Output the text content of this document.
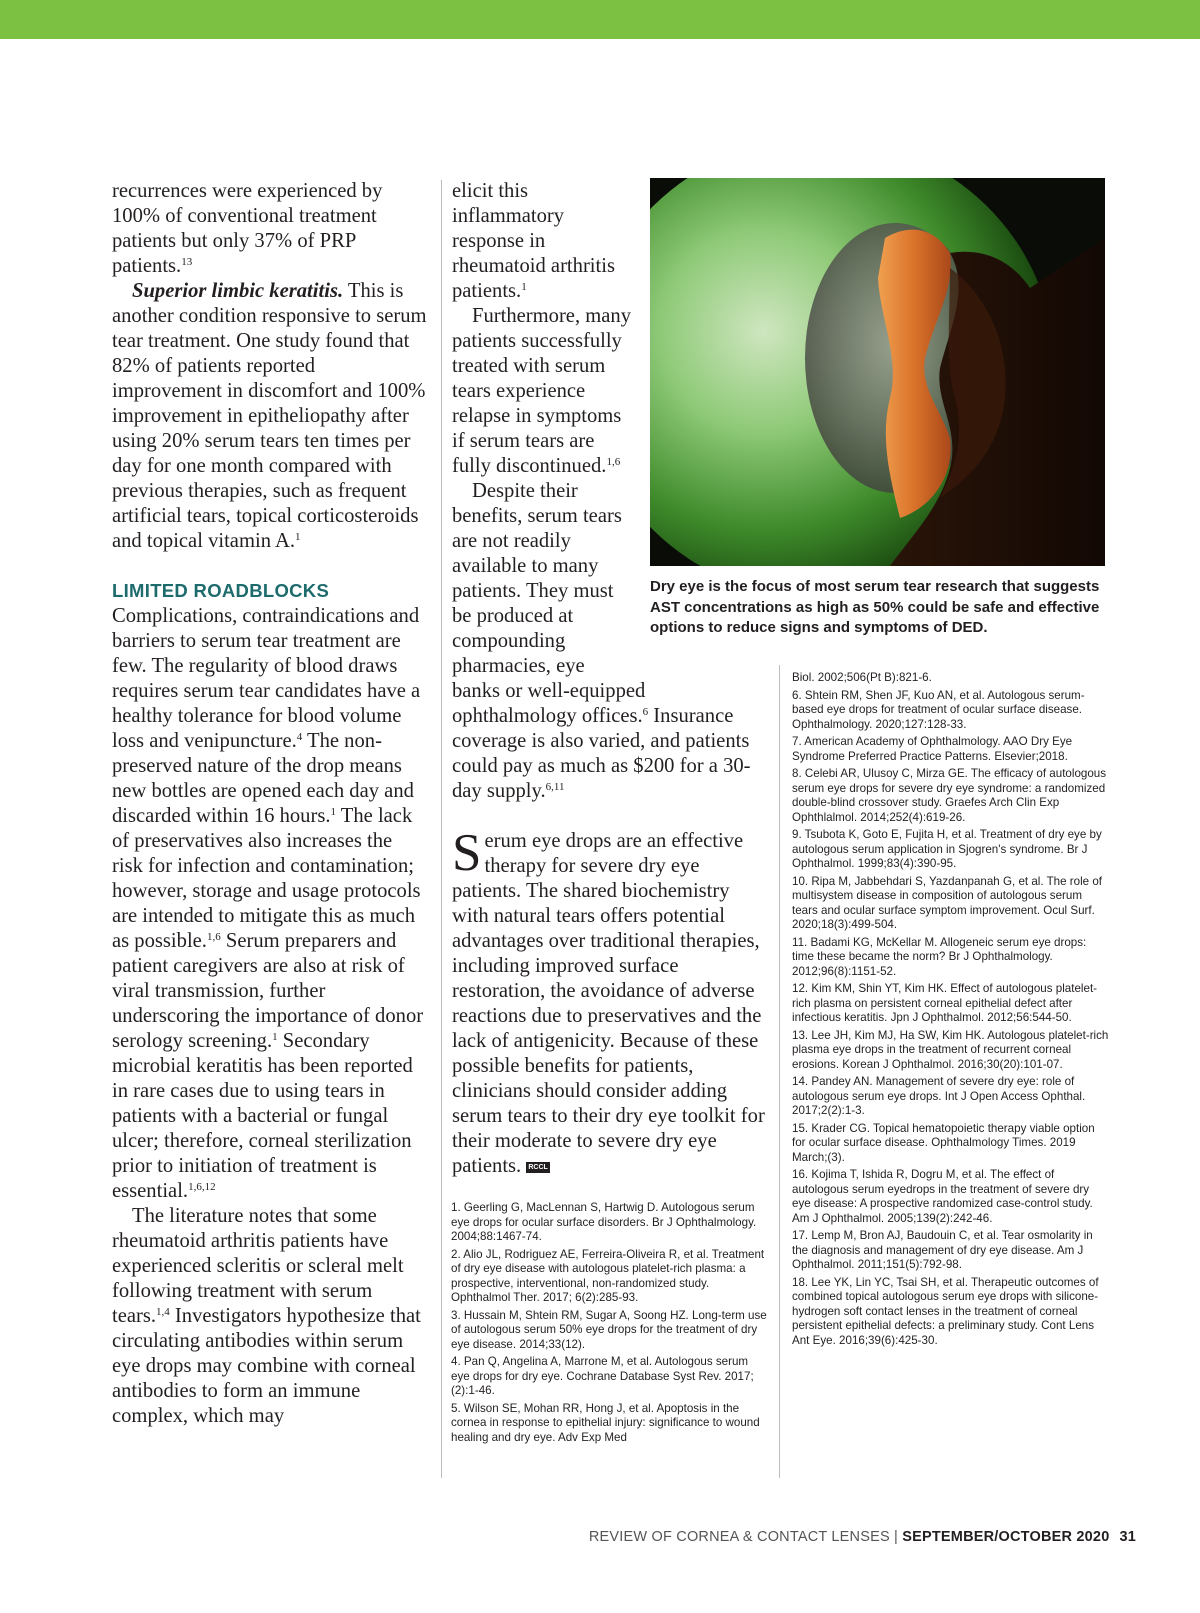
recurrences were experienced by 100% of conventional treatment patients but only 37% of PRP patients.$^{13}$

Superior limbic keratitis. This is another condition responsive to serum tear treatment. One study found that 82% of patients reported improvement in discomfort and 100% improvement in epitheliopathy after using 20% serum tears ten times per day for one month compared with previous therapies, such as frequent artificial tears, topical corticosteroids and topical vitamin A.$^1$

LIMITED ROADBLOCKS

Complications, contraindications and barriers to serum tear treatment are few. The regularity of blood draws requires serum tear candidates have a healthy tolerance for blood volume loss and venipuncture.$^4$ The non-preserved nature of the drop means new bottles are opened each day and discarded within 16 hours.$^1$ The lack of preservatives also increases the risk for infection and contamination; however, storage and usage protocols are intended to mitigate this as much as possible.$^{1,6}$ Serum preparers and patient caregivers are also at risk of viral transmission, further underscoring the importance of donor serology screening.$^1$ Secondary microbial keratitis has been reported in rare cases due to using tears in patients with a bacterial or fungal ulcer; therefore, corneal sterilization prior to initiation of treatment is essential.$^{1,6,12}$

The literature notes that some rheumatoid arthritis patients have experienced scleritis or scleral melt following treatment with serum tears.$^{1,4}$ Investigators hypothesize that circulating antibodies within serum eye drops may combine with corneal antibodies to form an immune complex, which may

elicit this inflammatory response in rheumatoid arthritis patients.$^1$

Furthermore, many patients successfully treated with serum tears experience relapse in symptoms if serum tears are fully discontinued.$^{1,6}$

Despite their benefits, serum tears are not readily available to many patients. They must be produced at compounding pharmacies, eye

banks or well-equipped ophthalmology offices.$^6$ Insurance coverage is also varied, and patients could pay as much as $200 for a 30-day supply.$^{6,11}$

Serum eye drops are an effective therapy for severe dry eye patients. The shared biochemistry with natural tears offers potential advantages over traditional therapies, including improved surface restoration, the avoidance of adverse reactions due to preservatives and the lack of antigenicity. Because of these possible benefits for patients, clinicians should consider adding serum tears to their dry eye toolkit for their moderate to severe dry eye patients. RCCL

Dry eye is the focus of most serum tear research that suggests AST concentrations as high as 50% could be safe and effective options to reduce signs and symptoms of DED.

1. Geerling G, MacLennan S, Hartwig D. Autologous serum eye drops for ocular surface disorders. Br J Ophthalmology. 2004;88:1467-74.

2. Alio JL, Rodriguez AE, Ferreira-Oliveira R, et al. Treatment of dry eye disease with autologous platelet-rich plasma: a prospective, interventional, non-randomized study. Ophthalmol Ther. 2017; 6(2):285-93.

3. Hussain M, Shtein RM, Sugar A, Soong HZ. Long-term use of autologous serum 50% eye drops for the treatment of dry eye disease. 2014;33(12).

4. Pan Q, Angelina A, Marrone M, et al. Autologous serum eye drops for dry eye. Cochrane Database Syst Rev. 2017;(2):1-46.

5. Wilson SE, Mohan RR, Hong J, et al. Apoptosis in the cornea in response to epithelial injury: significance to wound healing and dry eye. Adv Exp Med

Biol. 2002;506(Pt B):821-6.

6. Shtein RM, Shen JF, Kuo AN, et al. Autologous serum-based eye drops for treatment of ocular surface disease. Ophthalmology. 2020;127:128-33.

7. American Academy of Ophthalmology. AAO Dry Eye Syndrome Preferred Practice Patterns. Elsevier;2018.

8. Celebi AR, Ulusoy C, Mirza GE. The efficacy of autologous serum eye drops for severe dry eye syndrome: a randomized double-blind crossover study. Graefes Arch Clin Exp Ophthlalmol. 2014;252(4):619-26.

9. Tsubota K, Goto E, Fujita H, et al. Treatment of dry eye by autologous serum application in Sjogren's syndrome. Br J Ophthalmol. 1999;83(4):390-95.

10. Ripa M, Jabbehdari S, Yazdanpanah G, et al. The role of multisystem disease in composition of autologous serum tears and ocular surface symptom improvement. Ocul Surf. 2020;18(3):499-504.

11. Badami KG, McKellar M. Allogeneic serum eye drops: time these became the norm? Br J Ophthalmology. 2012;96(8):1151-52.

12. Kim KM, Shin YT, Kim HK. Effect of autologous platelet-rich plasma on persistent corneal epithelial defect after infectious keratitis. Jpn J Ophthalmol. 2012;56:544-50.

13. Lee JH, Kim MJ, Ha SW, Kim HK. Autologous platelet-rich plasma eye drops in the treatment of recurrent corneal erosions. Korean J Ophthalmol. 2016;30(20):101-07.

14. Pandey AN. Management of severe dry eye: role of autologous serum eye drops. Int J Open Access Ophthal. 2017;2(2):1-3.

15. Krader CG. Topical hematopoietic therapy viable option for ocular surface disease. Ophthalmology Times. 2019 March;(3).

16. Kojima T, Ishida R, Dogru M, et al. The effect of autologous serum eyedrops in the treatment of severe dry eye disease: A prospective randomized case-control study. Am J Ophthalmol. 2005;139(2):242-46.

17. Lemp M, Bron AJ, Baudouin C, et al. Tear osmolarity in the diagnosis and management of dry eye disease. Am J Ophthalmol. 2011;151(5):792-98.

18. Lee YK, Lin YC, Tsai SH, et al. Therapeutic outcomes of combined topical autologous serum eye drops with silicone-hydrogen soft contact lenses in the treatment of corneal persistent epithelial defects: a preliminary study. Cont Lens Ant Eye. 2016;39(6):425-30.

REVIEW OF CORNEA & CONTACT LENSES | SEPTEMBER/OCTOBER 2020 31
